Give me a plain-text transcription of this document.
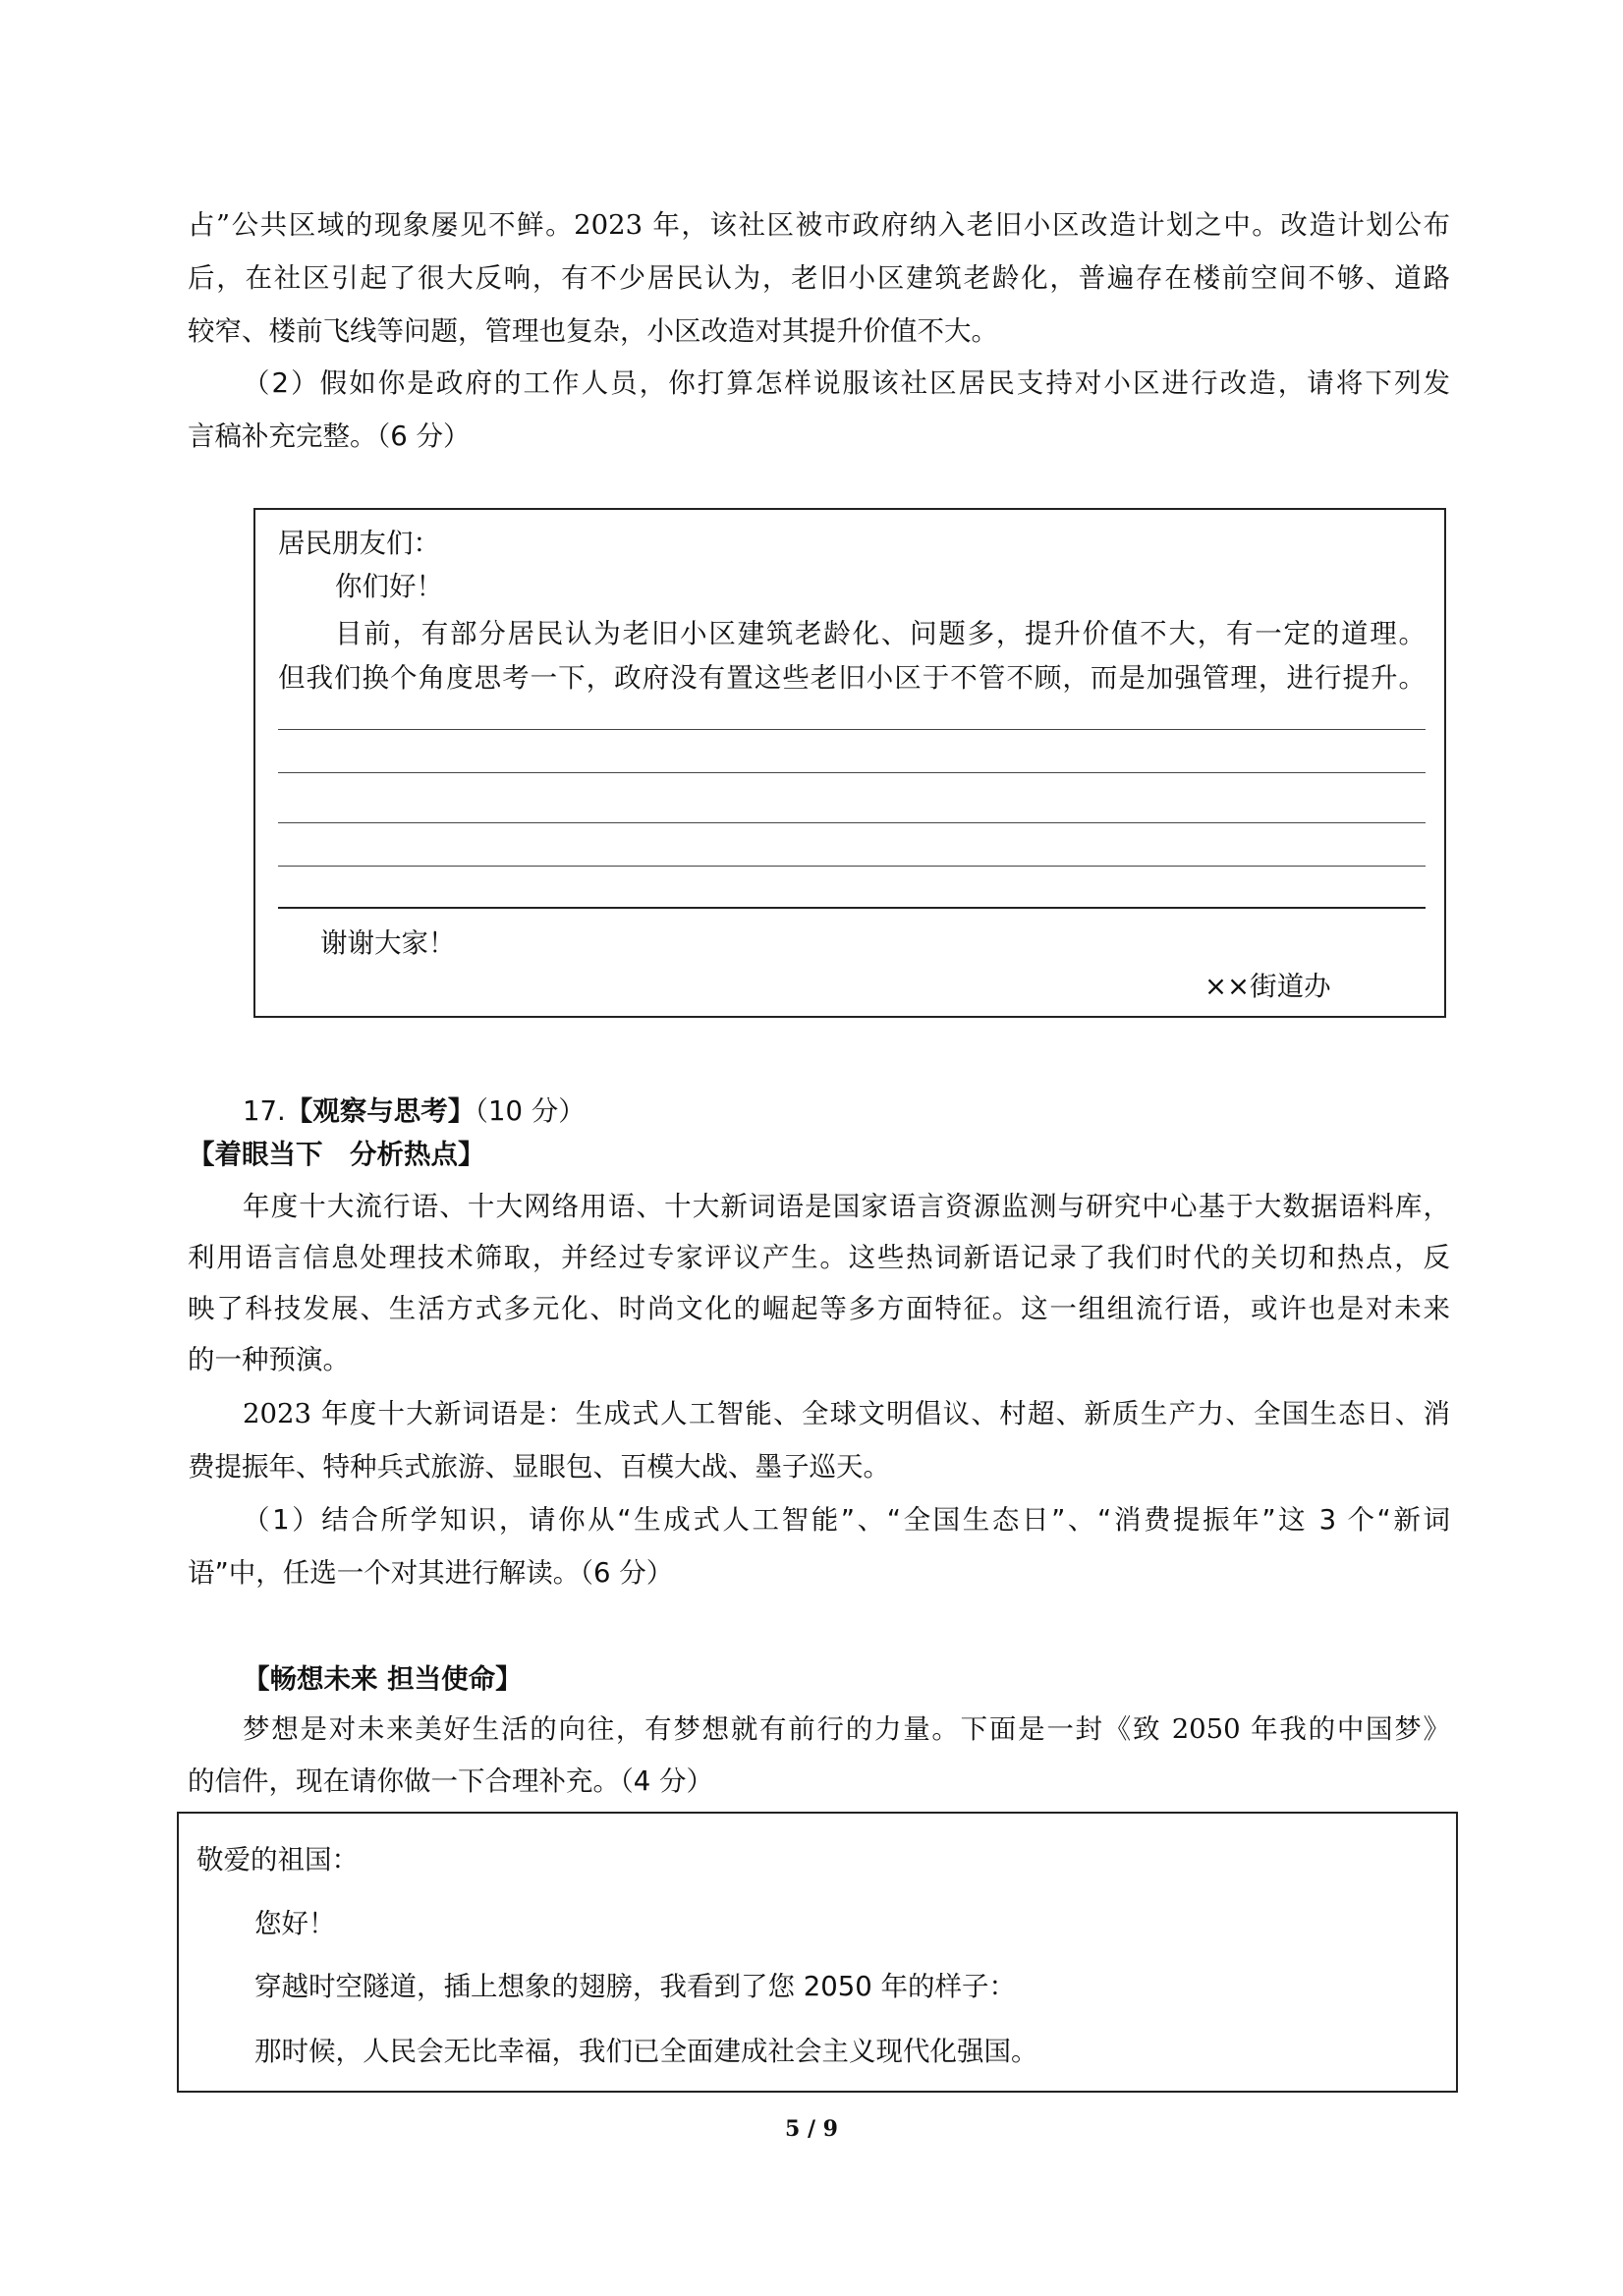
占”公共区域的现象屡见不鲜。2023 年，该社区被市政府纳入老旧小区改造计划之中。改造计划公布

后，在社区引起了很大反响，有不少居民认为，老旧小区建筑老龄化，普遍存在楼前空间不够、道路

较窄、楼前飞线等问题，管理也复杂，小区改造对其提升价值不大。

（2）假如你是政府的工作人员，你打算怎样说服该社区居民支持对小区进行改造，请将下列发

言稿补充完整。（6 分）

居民朋友们：

你们好！

目前，有部分居民认为老旧小区建筑老龄化、问题多，提升价值不大，有一定的道理。

但我们换个角度思考一下，政府没有置这些老旧小区于不管不顾，而是加强管理，进行提升。

谢谢大家！

××街道办

17.【观察与思考】（10 分）

【着眼当下　分析热点】

年度十大流行语、十大网络用语、十大新词语是国家语言资源监测与研究中心基于大数据语料库，

利用语言信息处理技术筛取，并经过专家评议产生。这些热词新语记录了我们时代的关切和热点，反

映了科技发展、生活方式多元化、时尚文化的崛起等多方面特征。这一组组流行语，或许也是对未来

的一种预演。

2023 年度十大新词语是：生成式人工智能、全球文明倡议、村超、新质生产力、全国生态日、消

费提振年、特种兵式旅游、显眼包、百模大战、墨子巡天。

（1）结合所学知识，请你从“生成式人工智能”、“全国生态日”、“消费提振年”这 3 个“新词

语”中，任选一个对其进行解读。（6 分）

【畅想未来 担当使命】

梦想是对未来美好生活的向往，有梦想就有前行的力量。下面是一封《致 2050 年我的中国梦》

的信件，现在请你做一下合理补充。（4 分）

敬爱的祖国：

您好！

穿越时空隧道，插上想象的翅膀，我看到了您 2050 年的样子：

那时候，人民会无比幸福，我们已全面建成社会主义现代化强国。

5 / 9
